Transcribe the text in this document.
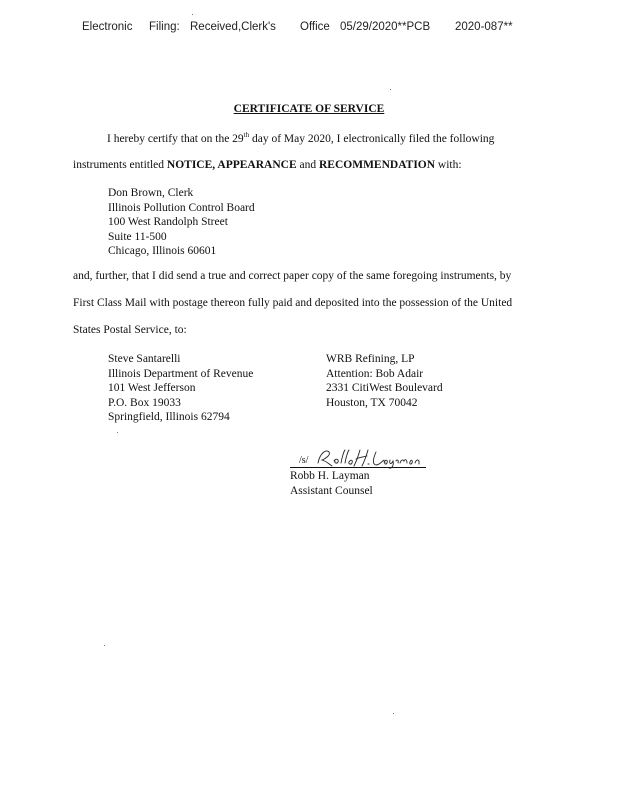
Electronic Filing: Received,Clerk's Office 05/29/2020**PCB 2020-087**
CERTIFICATE OF SERVICE
I hereby certify that on the 29th day of May 2020, I electronically filed the following
instruments entitled NOTICE, APPEARANCE and RECOMMENDATION with:
Don Brown, Clerk
Illinois Pollution Control Board
100 West Randolph Street
Suite 11-500
Chicago, Illinois 60601
and, further, that I did send a true and correct paper copy of the same foregoing instruments, by
First Class Mail with postage thereon fully paid and deposited into the possession of the United
States Postal Service, to:
Steve Santarelli
Illinois Department of Revenue
101 West Jefferson
P.O. Box 19033
Springfield, Illinois 62794
WRB Refining, LP
Attention: Bob Adair
2331 CitiWest Boulevard
Houston, TX 70042
/s/
Robb H. Layman
Assistant Counsel
